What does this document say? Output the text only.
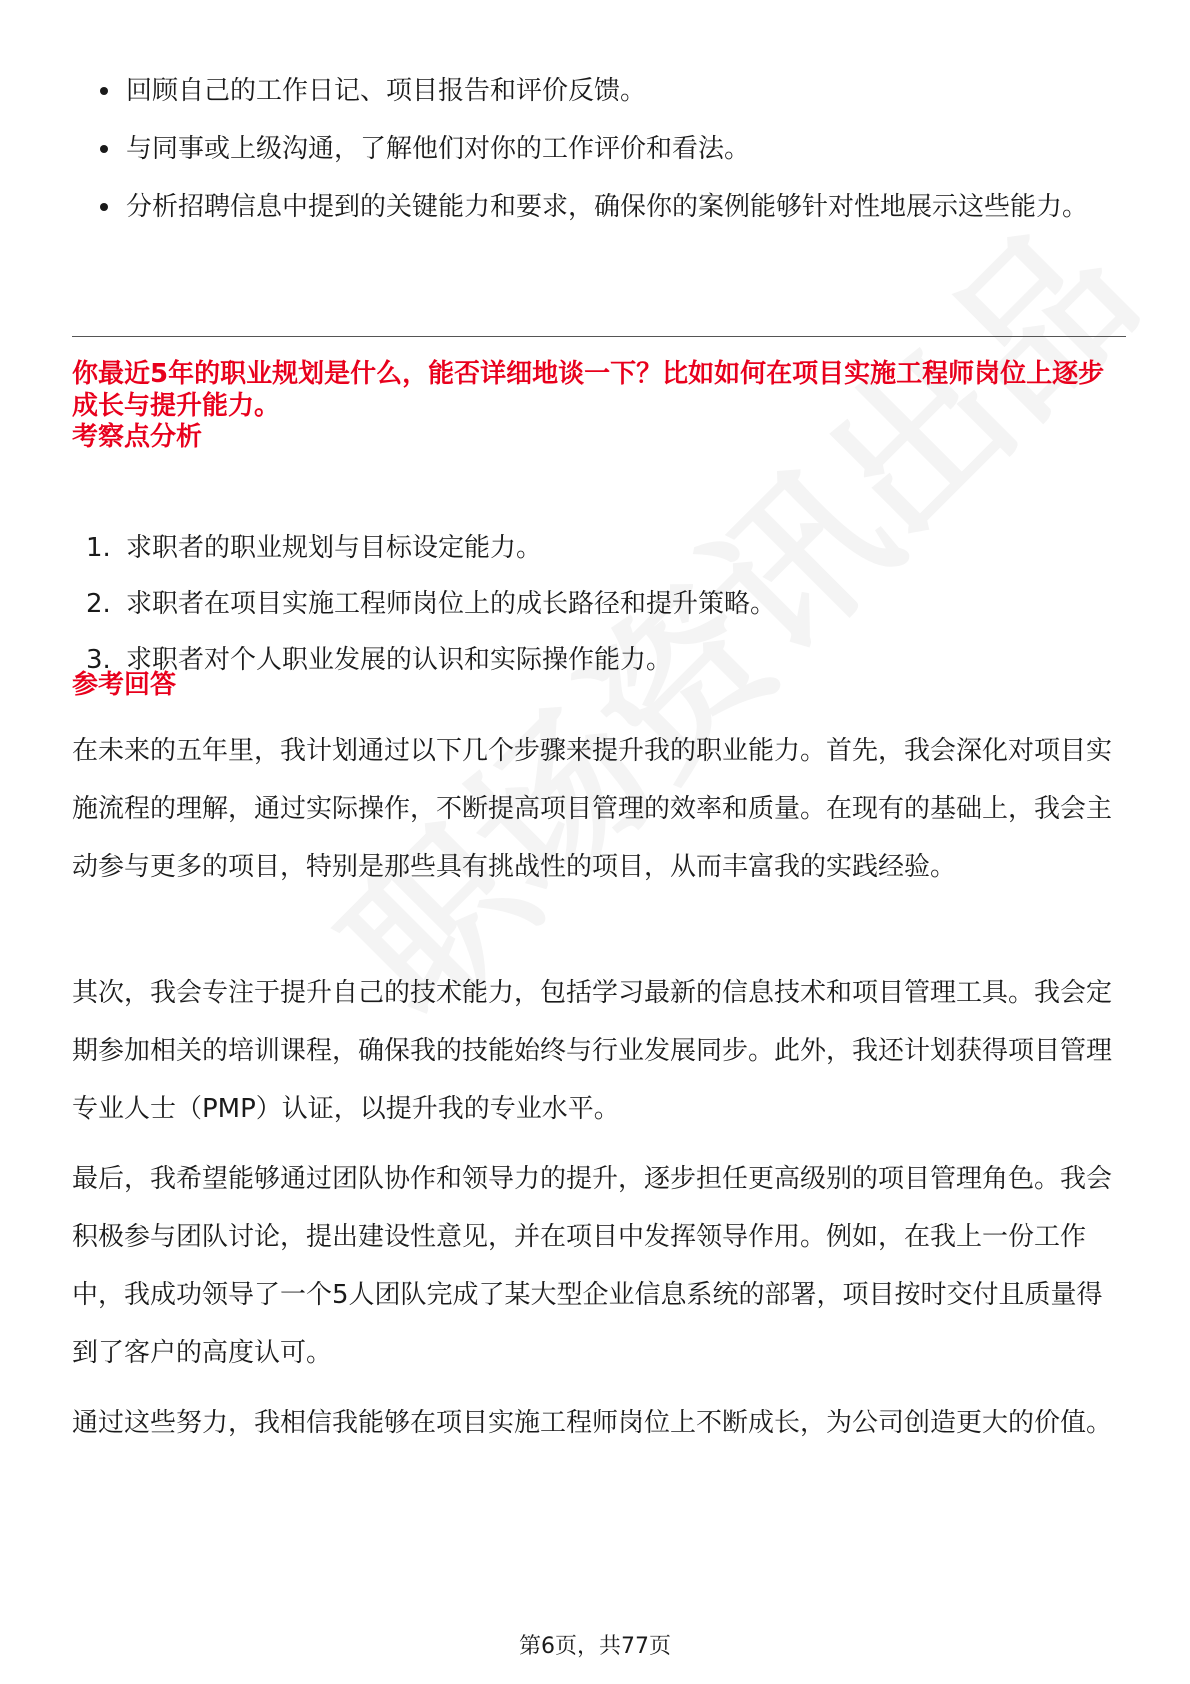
回顾自己的工作日记、项目报告和评价反馈。
与同事或上级沟通，了解他们对你的工作评价和看法。
分析招聘信息中提到的关键能力和要求，确保你的案例能够针对性地展示这些能力。
你最近5年的职业规划是什么，能否详细地谈一下？比如如何在项目实施工程师岗位上逐步成长与提升能力。
考察点分析
1. 求职者的职业规划与目标设定能力。
2. 求职者在项目实施工程师岗位上的成长路径和提升策略。
3. 求职者对个人职业发展的认识和实际操作能力。
参考回答

在未来的五年里，我计划通过以下几个步骤来提升我的职业能力。首先，我会深化对项目实施流程的理解，通过实际操作，不断提高项目管理的效率和质量。在现有的基础上，我会主动参与更多的项目，特别是那些具有挑战性的项目，从而丰富我的实践经验。

其次，我会专注于提升自己的技术能力，包括学习最新的信息技术和项目管理工具。我会定期参加相关的培训课程，确保我的技能始终与行业发展同步。此外，我还计划获得项目管理专业人士（PMP）认证，以提升我的专业水平。

最后，我希望能够通过团队协作和领导力的提升，逐步担任更高级别的项目管理角色。我会积极参与团队讨论，提出建设性意见，并在项目中发挥领导作用。例如，在我上一份工作中，我成功领导了一个5人团队完成了某大型企业信息系统的部署，项目按时交付且质量得到了客户的高度认可。

通过这些努力，我相信我能够在项目实施工程师岗位上不断成长，为公司创造更大的价值。

第6页，共77页
